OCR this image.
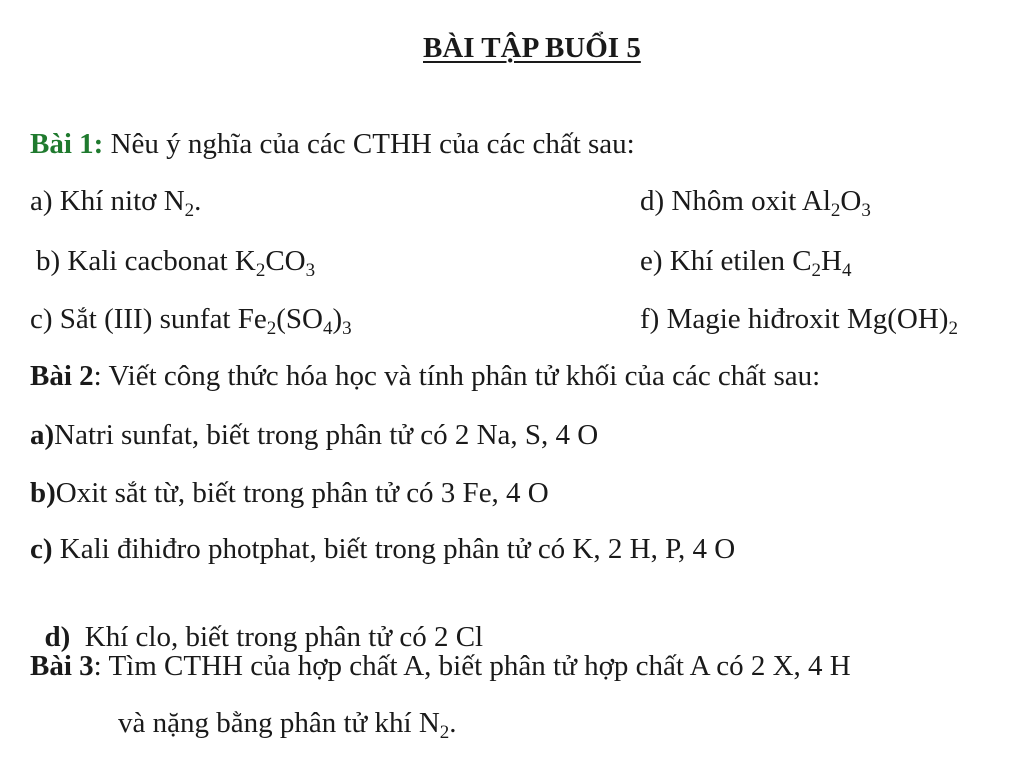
BÀI TẬP BUỔI 5
Bài 1: Nêu ý nghĩa của các CTHH của các chất sau:
a) Khí nitơ $N_2$.	d) Nhôm oxit $Al_2O_3$
b) Kali cacbonat $K_2CO_3$	e) Khí etilen $C_2H_4$
c) Sắt (III) sunfat $Fe_2(SO_4)_3$	f) Magie hiđroxit $Mg(OH)_2$
Bài 2: Viết công thức hóa học và tính phân tử khối của các chất sau:
a)Natri sunfat, biết trong phân tử có 2 Na, S, 4 O
b)Oxit sắt từ, biết trong phân tử có 3 Fe, 4 O
c) Kali đihiđro photphat, biết trong phân tử có K, 2 H, P, 4 O

d)  Khí clo, biết trong phân tử có 2 Cl

Bài 3: Tìm CTHH của hợp chất A, biết phân tử hợp chất A có 2 X, 4 H
và nặng bằng phân tử khí $N_2$.
